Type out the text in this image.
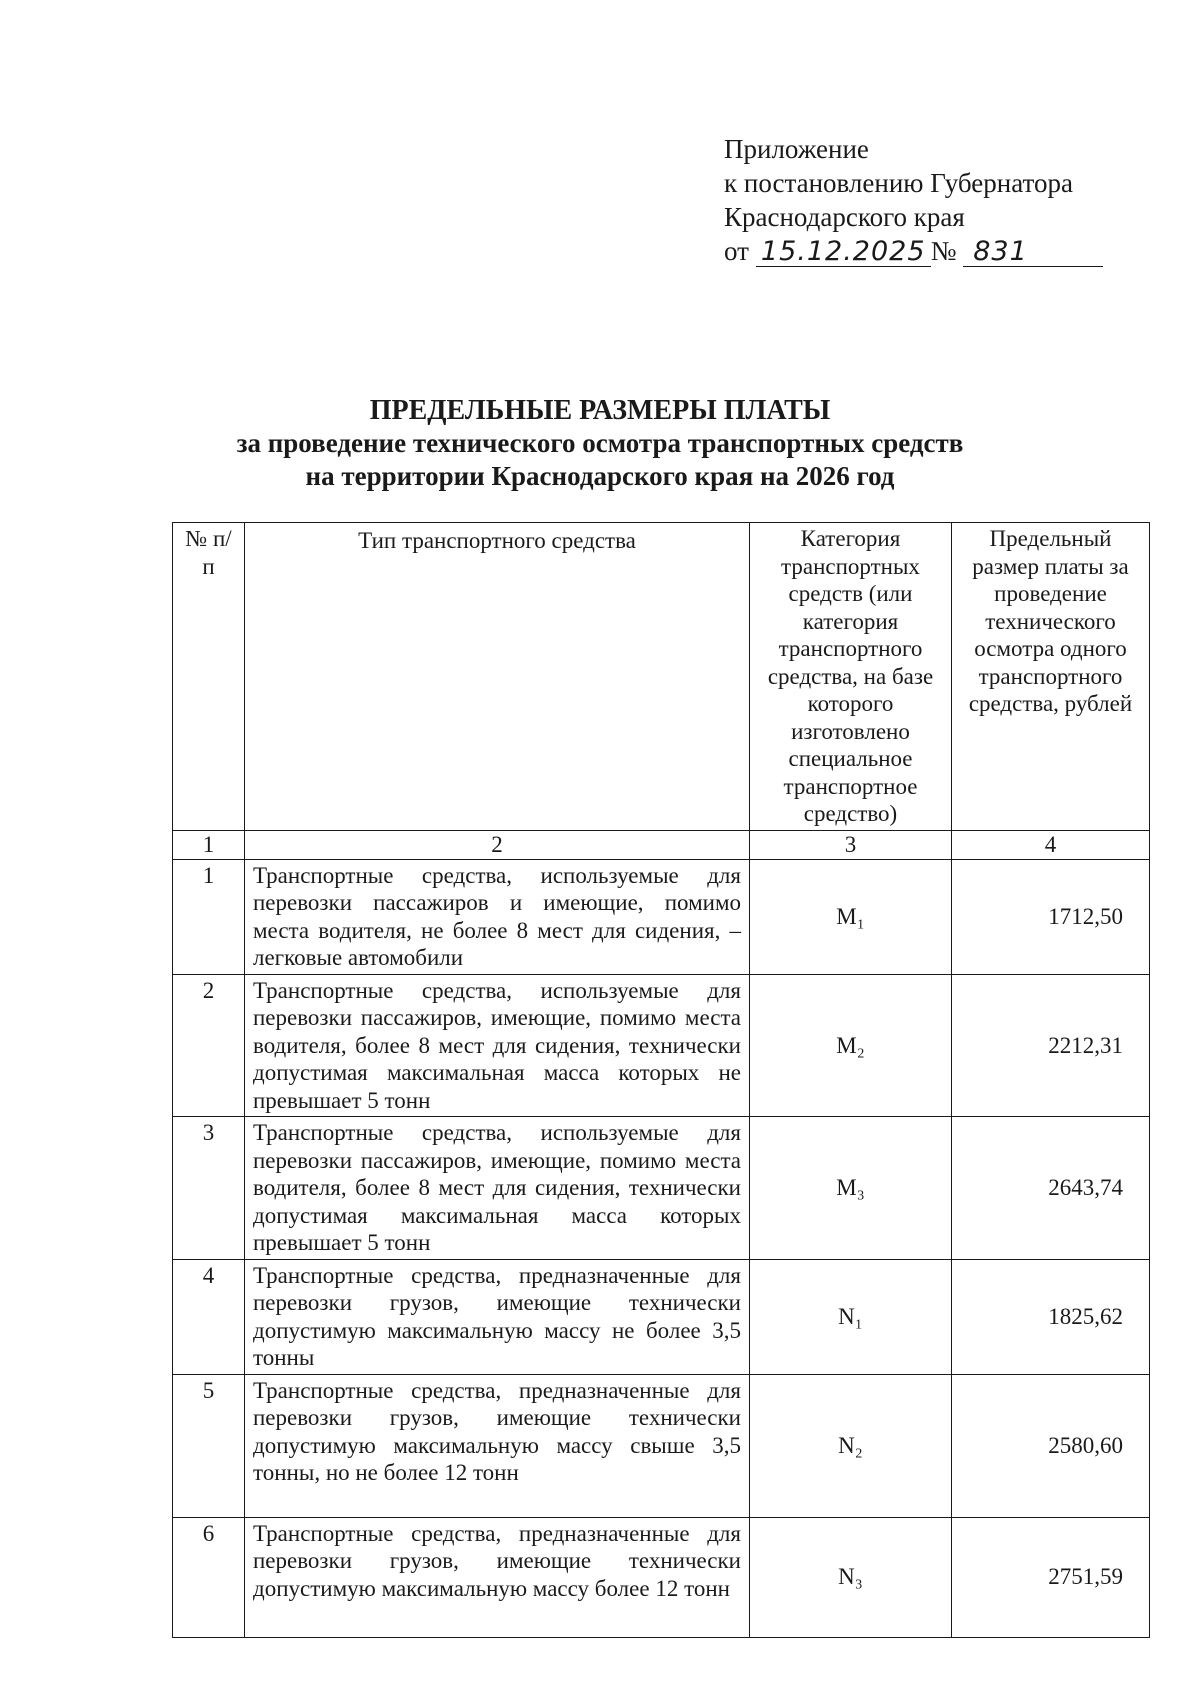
Приложение
к постановлению Губернатора
Краснодарского края
от 15.12.2025 № 831
ПРЕДЕЛЬНЫЕ РАЗМЕРЫ ПЛАТЫ
за проведение технического осмотра транспортных средств
на территории Краснодарского края на 2026 год
№ п/п	Тип транспортного средства	Категория транспортных средств (или категория транспортного средства, на базе которого изготовлено специальное транспортное средство)	Предельный размер платы за проведение технического осмотра одного транспортного средства, рублей
1	2	3	4
1	Транспортные средства, используемые для перевозки пассажиров и имеющие, помимо места водителя, не более 8 мест для сидения, – легковые автомобили	M₁	1712,50
2	Транспортные средства, используемые для перевозки пассажиров, имеющие, помимо места водителя, более 8 мест для сидения, технически допустимая максимальная масса которых не превышает 5 тонн	M₂	2212,31
3	Транспортные средства, используемые для перевозки пассажиров, имеющие, помимо места водителя, более 8 мест для сидения, технически допустимая максимальная масса которых превышает 5 тонн	M₃	2643,74
4	Транспортные средства, предназначенные для перевозки грузов, имеющие технически допустимую максимальную массу не более 3,5 тонны	N₁	1825,62
5	Транспортные средства, предназначенные для перевозки грузов, имеющие технически допустимую максимальную массу свыше 3,5 тонны, но не более 12 тонн	N₂	2580,60
6	Транспортные средства, предназначенные для перевозки грузов, имеющие технически допустимую максимальную массу более 12 тонн	N₃	2751,59
